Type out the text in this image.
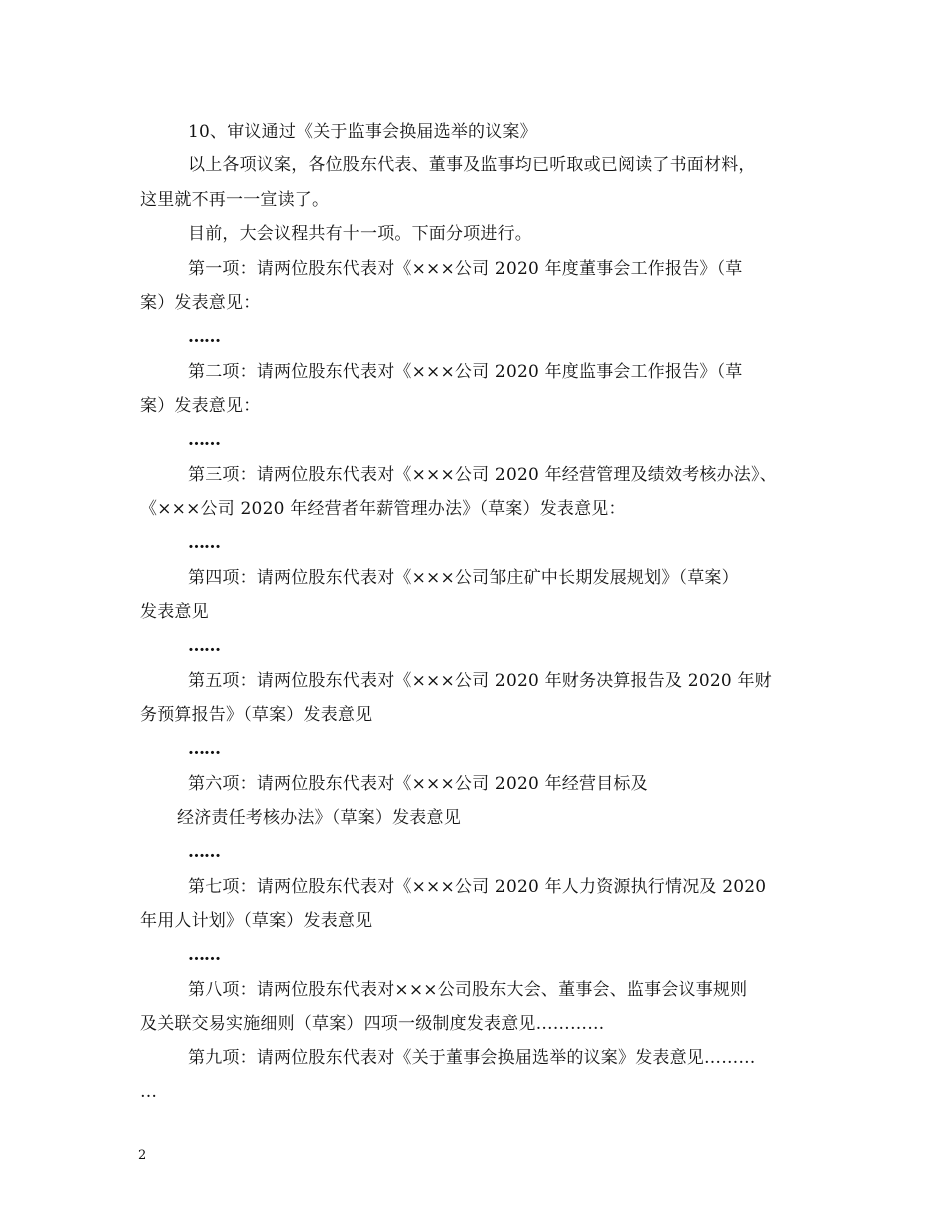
10、审议通过《关于监事会换届选举的议案》
以上各项议案，各位股东代表、董事及监事均已听取或已阅读了书面材料，
这里就不再一一宣读了。
目前，大会议程共有十一项。下面分项进行。
第一项：请两位股东代表对《×××公司 2020 年度董事会工作报告》（草
案）发表意见：
……
第二项：请两位股东代表对《×××公司 2020 年度监事会工作报告》（草
案）发表意见：
……
第三项：请两位股东代表对《×××公司 2020 年经营管理及绩效考核办法》、
《×××公司 2020 年经营者年薪管理办法》（草案）发表意见：
……
第四项：请两位股东代表对《×××公司邹庄矿中长期发展规划》（草案）
发表意见
……
第五项：请两位股东代表对《×××公司 2020 年财务决算报告及 2020 年财
务预算报告》（草案）发表意见
……
第六项：请两位股东代表对《×××公司 2020 年经营目标及
经济责任考核办法》（草案）发表意见
……
第七项：请两位股东代表对《×××公司 2020 年人力资源执行情况及 2020
年用人计划》（草案）发表意见
……
第八项：请两位股东代表对×××公司股东大会、董事会、监事会议事规则
及关联交易实施细则（草案）四项一级制度发表意见…………
第九项：请两位股东代表对《关于董事会换届选举的议案》发表意见………
…
2
